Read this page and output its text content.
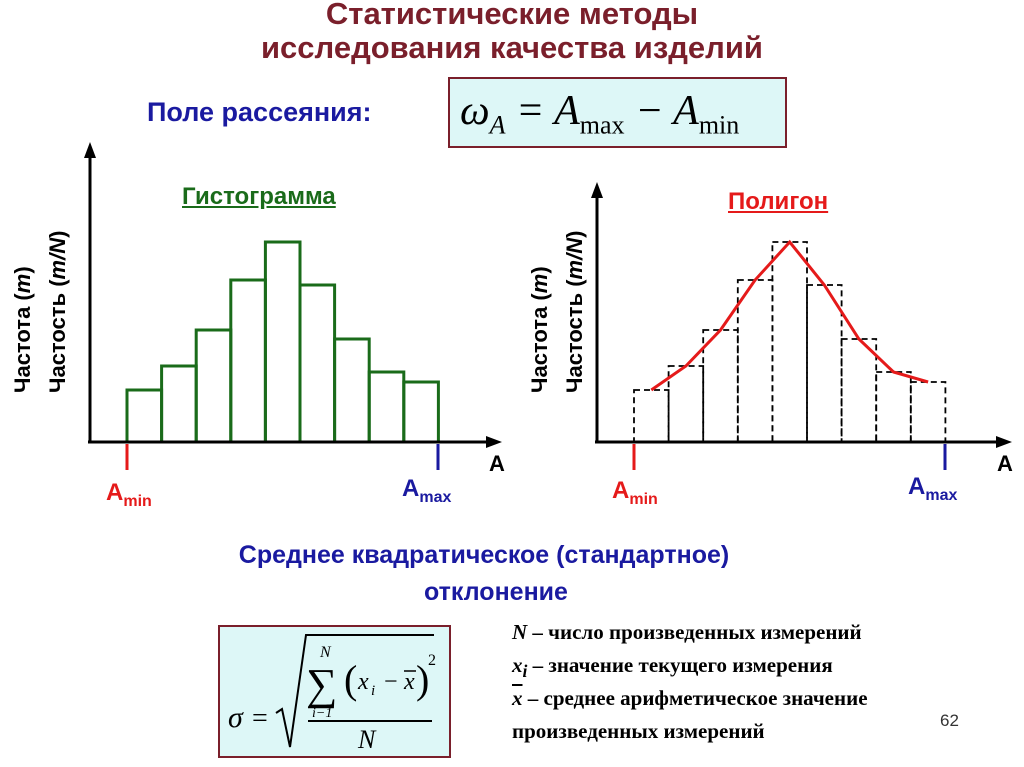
Статистические методы
исследования качества изделий
Поле рассеяния: $\omega_A = A_{max} - A_{min}$
Гистограмма
Частота (m)
Частость (m/N)
A
$A_{min}$	$A_{max}$
Полигон
Частота (m)
Частость (m/N)
A
$A_{min}$	$A_{max}$
Среднее квадратическое (стандартное)
отклонение
σ =
N
∑
i−1
( x i − x )
2
N
N – число произведенных измерений
$x_i$ – значение текущего измерения
$\overline{x}$ – среднее арифметическое значение
произведенных измерений	62
